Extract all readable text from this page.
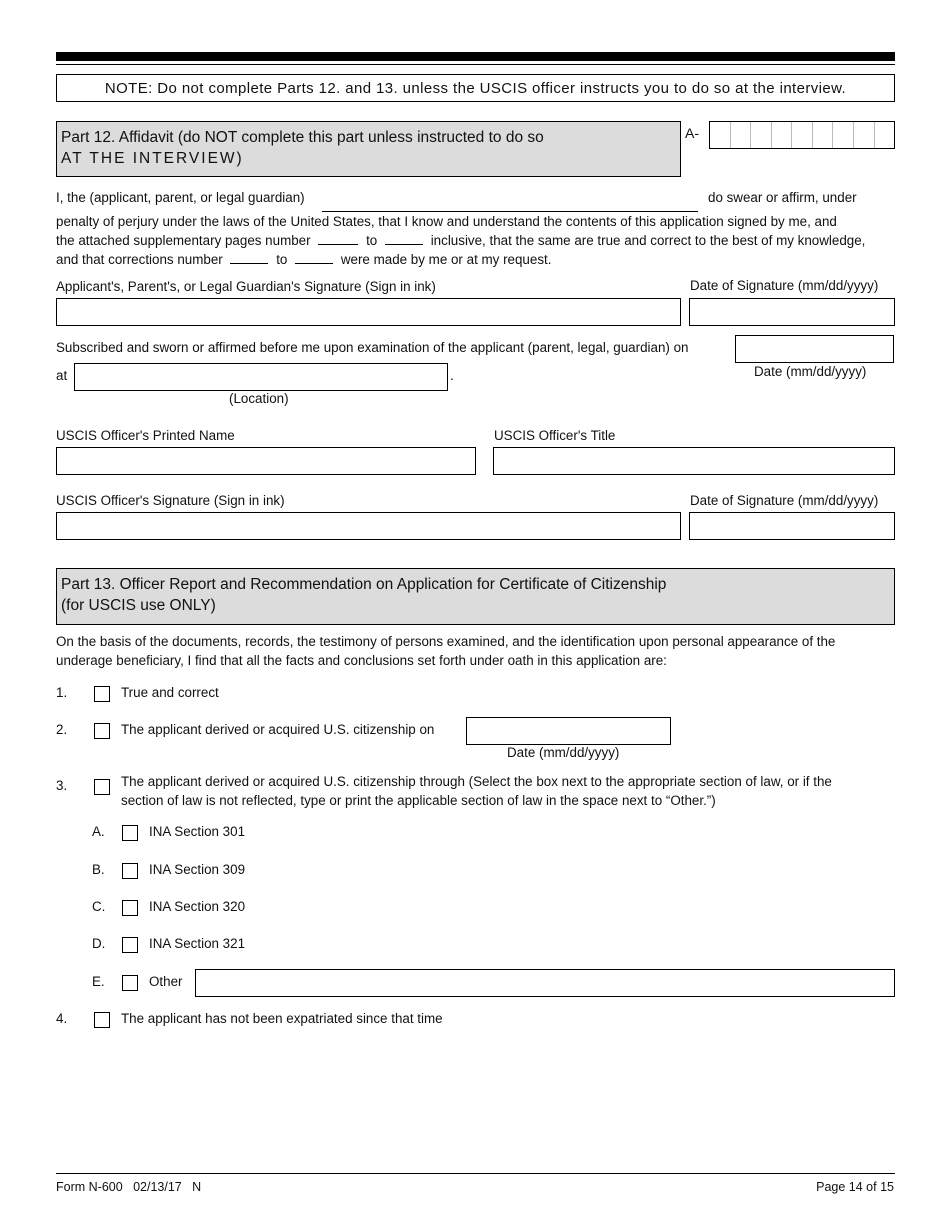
NOTE: Do not complete Parts 12. and 13. unless the USCIS officer instructs you to do so at the interview.
Part 12. Affidavit (do NOT complete this part unless instructed to do so
AT THE INTERVIEW)
A-
I, the (applicant, parent, or legal guardian)	do swear or affirm, under
penalty of perjury under the laws of the United States, that I know and understand the contents of this application signed by me, and
the attached supplementary pages number	to	inclusive, that the same are true and correct to the best of my knowledge,
and that corrections number	to	were made by me or at my request.
Applicant's, Parent's, or Legal Guardian's Signature (Sign in ink)	Date of Signature (mm/dd/yyyy)
Subscribed and sworn or affirmed before me upon examination of the applicant (parent, legal, guardian) on
Date (mm/dd/yyyy)
at	.
(Location)
USCIS Officer's Printed Name	USCIS Officer's Title
USCIS Officer's Signature (Sign in ink)	Date of Signature (mm/dd/yyyy)
Part 13. Officer Report and Recommendation on Application for Certificate of Citizenship
(for USCIS use ONLY)
On the basis of the documents, records, the testimony of persons examined, and the identification upon personal appearance of the
underage beneficiary, I find that all the facts and conclusions set forth under oath in this application are:
1.	True and correct
2.	The applicant derived or acquired U.S. citizenship on
Date (mm/dd/yyyy)
3.	The applicant derived or acquired U.S. citizenship through (Select the box next to the appropriate section of law, or if the
section of law is not reflected, type or print the applicable section of law in the space next to “Other.”)
A.	INA Section 301
B.	INA Section 309
C.	INA Section 320
D.	INA Section 321
E.	Other
4.	The applicant has not been expatriated since that time
Form N-600   02/13/17   N	Page 14 of 15
